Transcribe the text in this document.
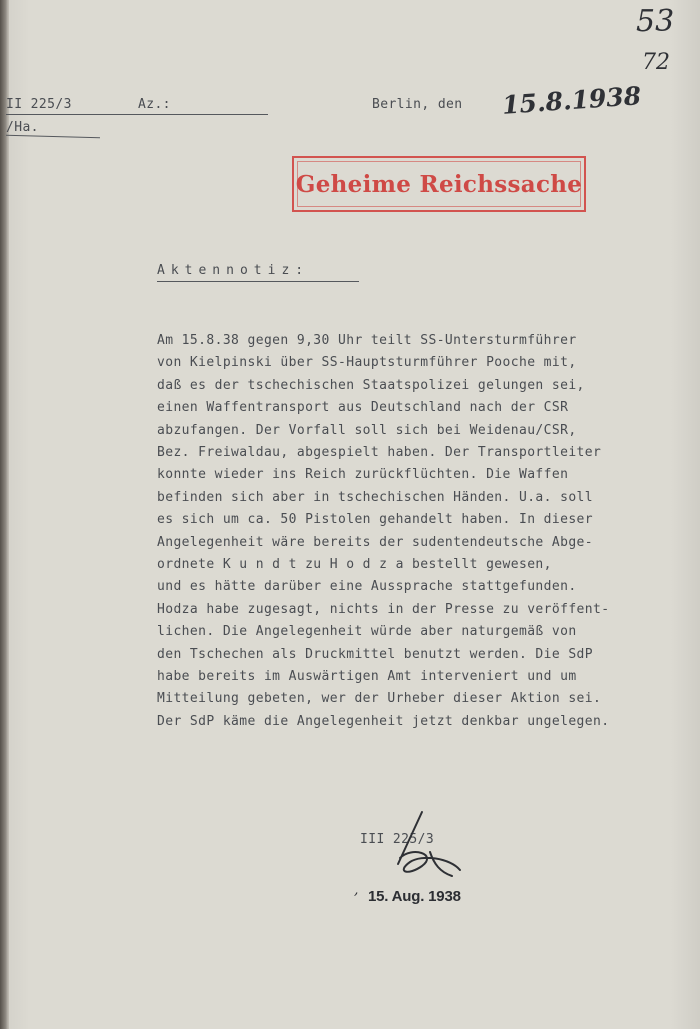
53
72
II 225/3	Az.:
/Ha.
Berlin, den 15.8.1938
Geheime Reichssache
Aktennotiz:
Am 15.8.38 gegen 9,30 Uhr teilt SS-Untersturmführer
von Kielpinski über SS-Hauptsturmführer Pooche mit,
daß es der tschechischen Staatspolizei gelungen sei,
einen Waffentransport aus Deutschland nach der CSR
abzufangen. Der Vorfall soll sich bei Weidenau/CSR,
Bez. Freiwaldau, abgespielt haben. Der Transportleiter
konnte wieder ins Reich zurückflüchten. Die Waffen
befinden sich aber in tschechischen Händen. U.a. soll
es sich um ca. 50 Pistolen gehandelt haben. In dieser
Angelegenheit wäre bereits der sudentendeutsche Abge-
ordnete K u n d t zu H o d z a bestellt gewesen,
und es hätte darüber eine Aussprache stattgefunden.
Hodza habe zugesagt, nichts in der Presse zu veröffent-
lichen. Die Angelegenheit würde aber naturgemäß von
den Tschechen als Druckmittel benutzt werden. Die SdP
habe bereits im Auswärtigen Amt interveniert und um
Mitteilung gebeten, wer der Urheber dieser Aktion sei.
Der SdP käme die Angelegenheit jetzt denkbar ungelegen.
III 225/3
15. Aug. 1938
,
